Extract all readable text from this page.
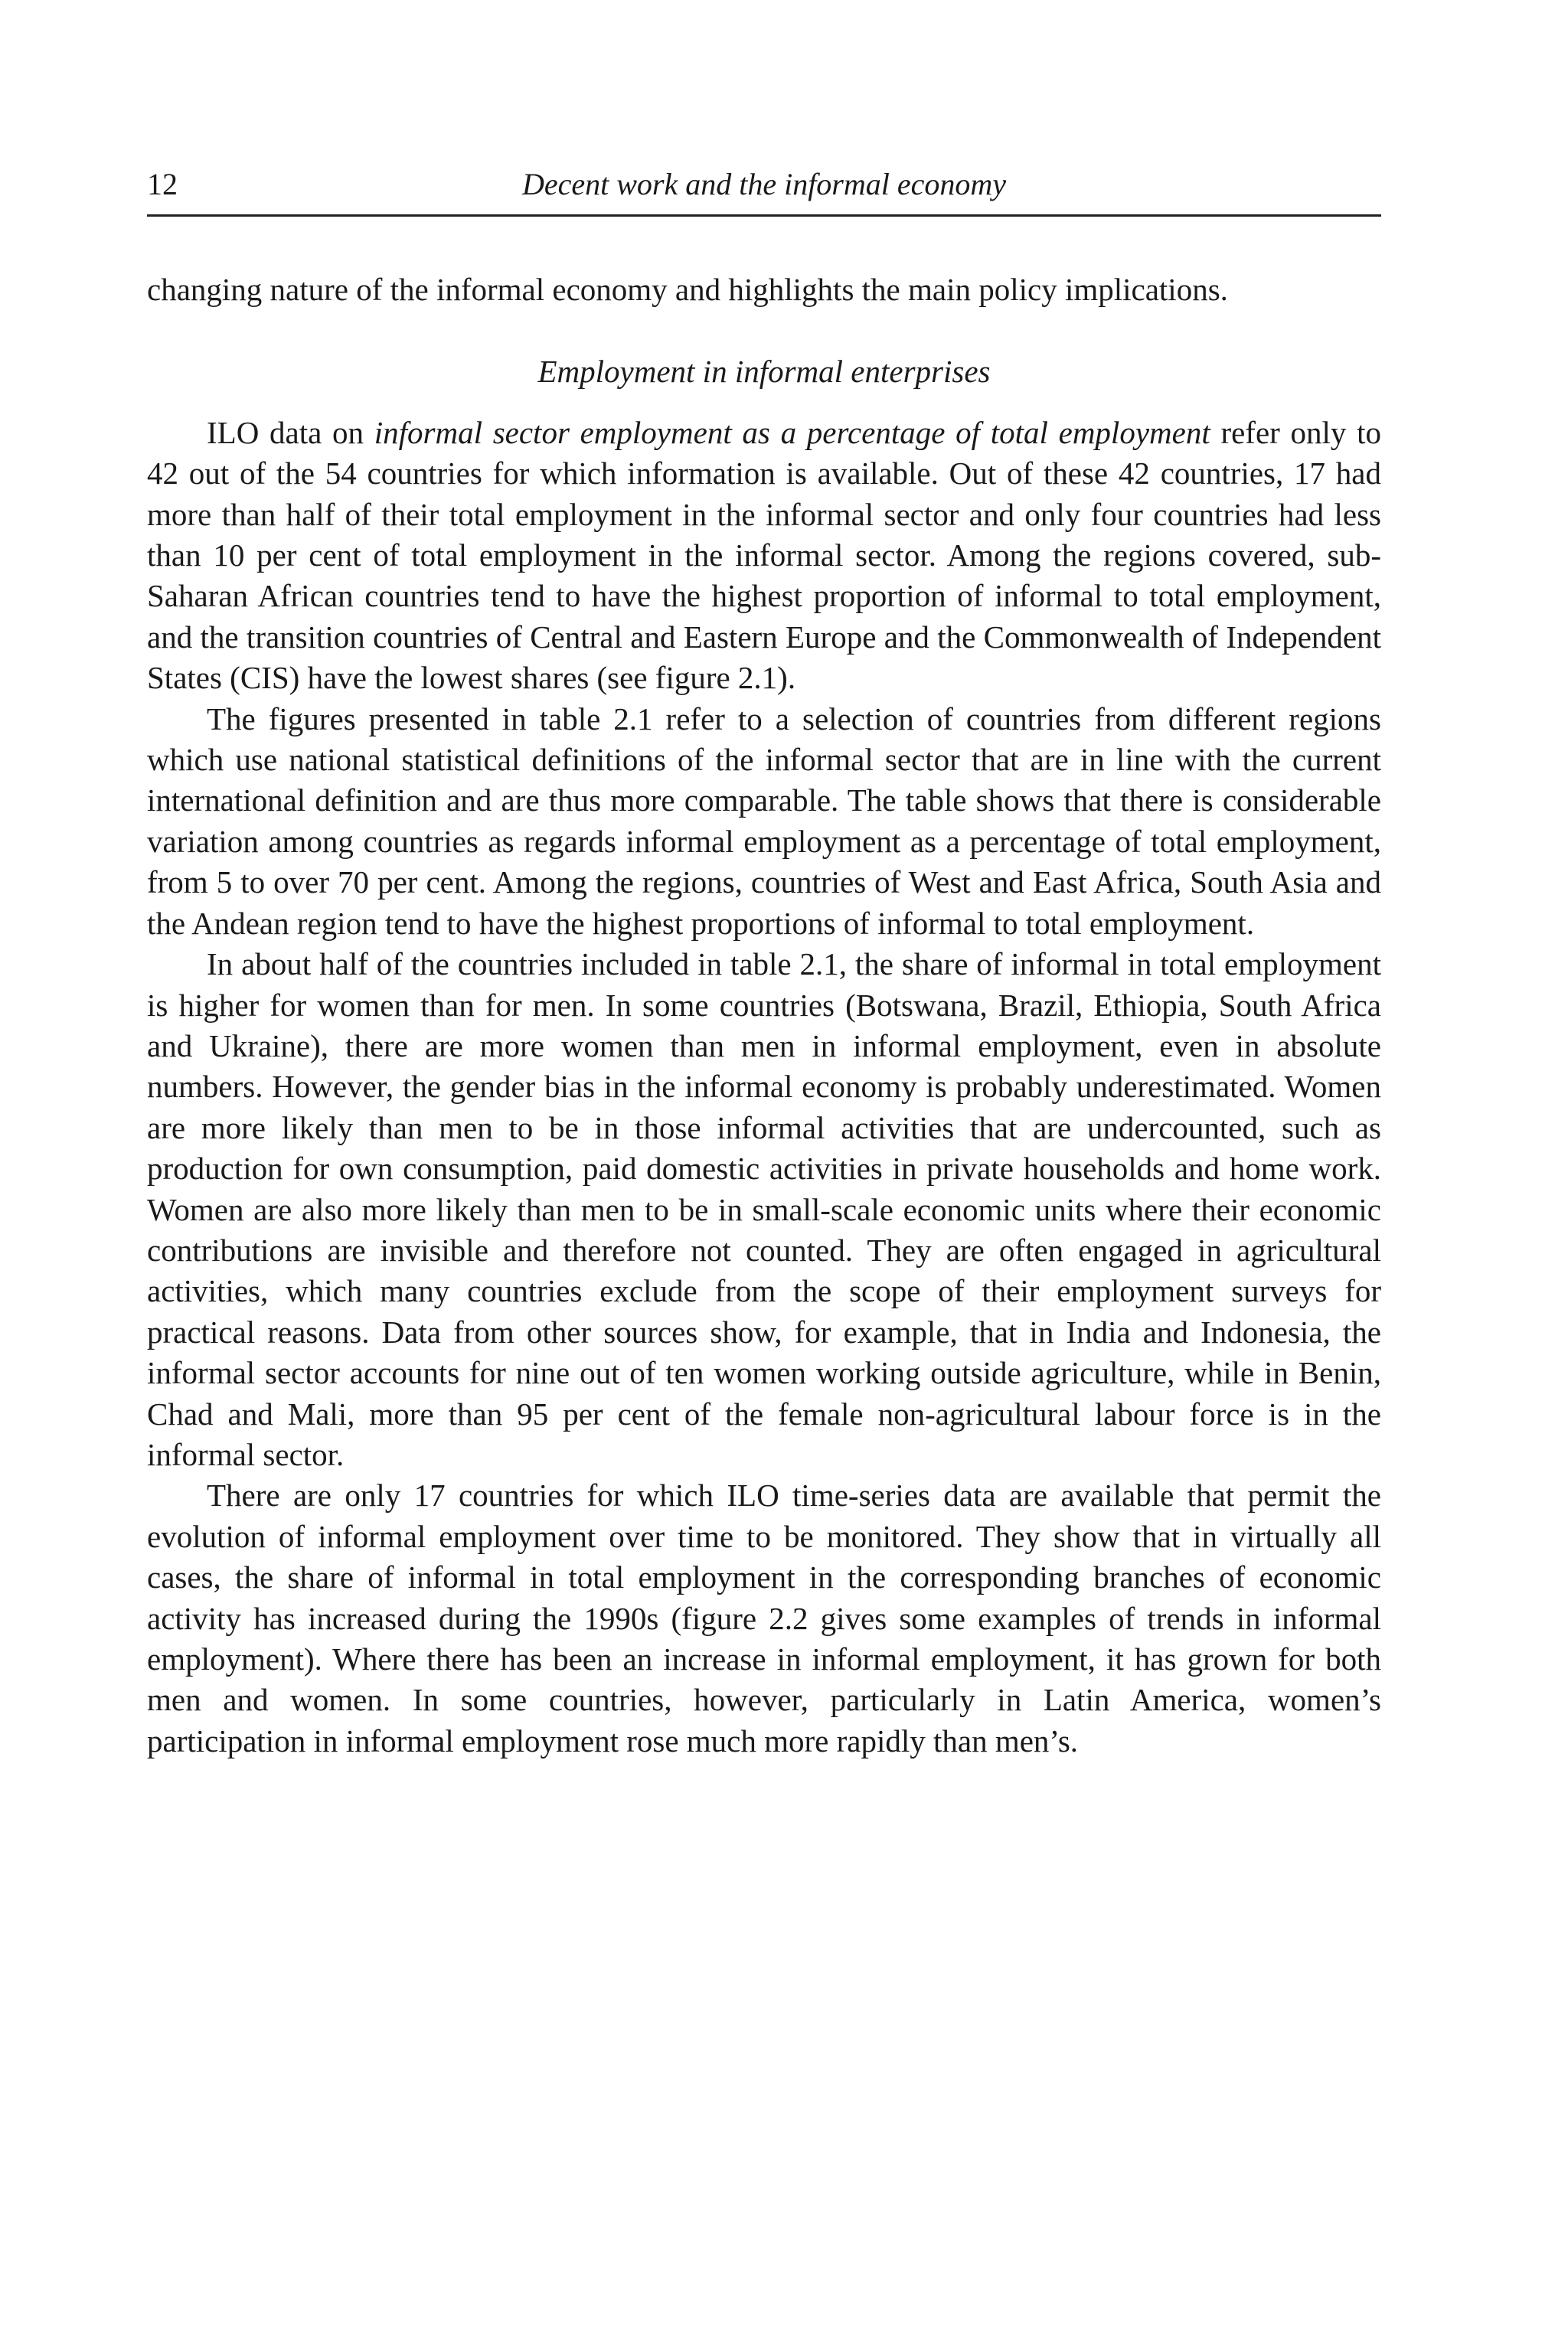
12	Decent work and the informal economy

changing nature of the informal economy and highlights the main policy implications.

Employment in informal enterprises

ILO data on informal sector employment as a percentage of total employment refer only to 42 out of the 54 countries for which information is available. Out of these 42 countries, 17 had more than half of their total employment in the informal sector and only four countries had less than 10 per cent of total employment in the informal sector. Among the regions covered, sub-Saharan African countries tend to have the highest proportion of informal to total employment, and the transition countries of Central and Eastern Europe and the Commonwealth of Independent States (CIS) have the lowest shares (see figure 2.1).

The figures presented in table 2.1 refer to a selection of countries from different regions which use national statistical definitions of the informal sector that are in line with the current international definition and are thus more comparable. The table shows that there is considerable variation among countries as regards informal employment as a percentage of total employment, from 5 to over 70 per cent. Among the regions, countries of West and East Africa, South Asia and the Andean region tend to have the highest proportions of informal to total employment.

In about half of the countries included in table 2.1, the share of informal in total employment is higher for women than for men. In some countries (Botswana, Brazil, Ethiopia, South Africa and Ukraine), there are more women than men in informal employment, even in absolute numbers. However, the gender bias in the informal economy is probably underestimated. Women are more likely than men to be in those informal activities that are undercounted, such as production for own consumption, paid domestic activities in private households and home work. Women are also more likely than men to be in small-scale economic units where their economic contributions are invisible and therefore not counted. They are often engaged in agricultural activities, which many countries exclude from the scope of their employment surveys for practical reasons. Data from other sources show, for example, that in India and Indonesia, the informal sector accounts for nine out of ten women working outside agriculture, while in Benin, Chad and Mali, more than 95 per cent of the female non-agricultural labour force is in the informal sector.

There are only 17 countries for which ILO time-series data are available that permit the evolution of informal employment over time to be monitored. They show that in virtually all cases, the share of informal in total employment in the corresponding branches of economic activity has increased during the 1990s (figure 2.2 gives some examples of trends in informal employment). Where there has been an increase in informal employment, it has grown for both men and women. In some countries, however, particularly in Latin America, women’s participation in informal employment rose much more rapidly than men’s.
